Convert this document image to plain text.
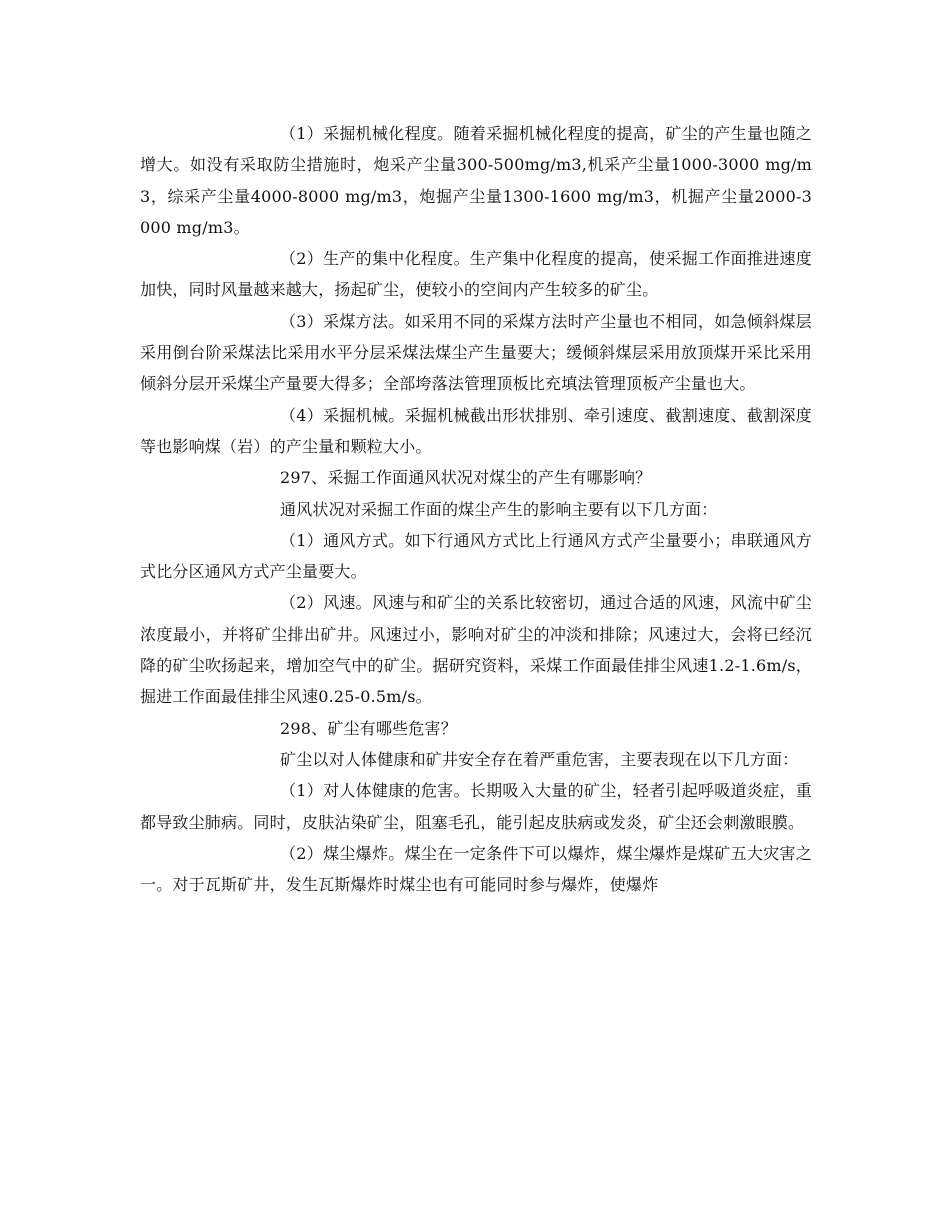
（1）采掘机械化程度。随着采掘机械化程度的提高，矿尘的产生量也随之增大。如没有采取防尘措施时，炮采产尘量300-500mg/m3,机采产尘量1000-3000 mg/m3，综采产尘量4000-8000 mg/m3，炮掘产尘量1300-1600 mg/m3，机掘产尘量2000-3000 mg/m3。

（2）生产的集中化程度。生产集中化程度的提高，使采掘工作面推进速度加快，同时风量越来越大，扬起矿尘，使较小的空间内产生较多的矿尘。

（3）采煤方法。如采用不同的采煤方法时产尘量也不相同，如急倾斜煤层采用倒台阶采煤法比采用水平分层采煤法煤尘产生量要大；缓倾斜煤层采用放顶煤开采比采用倾斜分层开采煤尘产量要大得多；全部垮落法管理顶板比充填法管理顶板产尘量也大。

（4）采掘机械。采掘机械截出形状排别、牵引速度、截割速度、截割深度等也影响煤（岩）的产尘量和颗粒大小。

297、采掘工作面通风状况对煤尘的产生有哪影响？

通风状况对采掘工作面的煤尘产生的影响主要有以下几方面：

（1）通风方式。如下行通风方式比上行通风方式产尘量要小；串联通风方式比分区通风方式产尘量要大。

（2）风速。风速与和矿尘的关系比较密切，通过合适的风速，风流中矿尘浓度最小，并将矿尘排出矿井。风速过小，影响对矿尘的冲淡和排除；风速过大，会将已经沉降的矿尘吹扬起来，增加空气中的矿尘。据研究资料，采煤工作面最佳排尘风速1.2-1.6m/s，掘进工作面最佳排尘风速0.25-0.5m/s。

298、矿尘有哪些危害？

矿尘以对人体健康和矿井安全存在着严重危害，主要表现在以下几方面：

（1）对人体健康的危害。长期吸入大量的矿尘，轻者引起呼吸道炎症，重都导致尘肺病。同时，皮肤沾染矿尘，阻塞毛孔，能引起皮肤病或发炎，矿尘还会刺激眼膜。

（2）煤尘爆炸。煤尘在一定条件下可以爆炸，煤尘爆炸是煤矿五大灾害之一。对于瓦斯矿井，发生瓦斯爆炸时煤尘也有可能同时参与爆炸，使爆炸
